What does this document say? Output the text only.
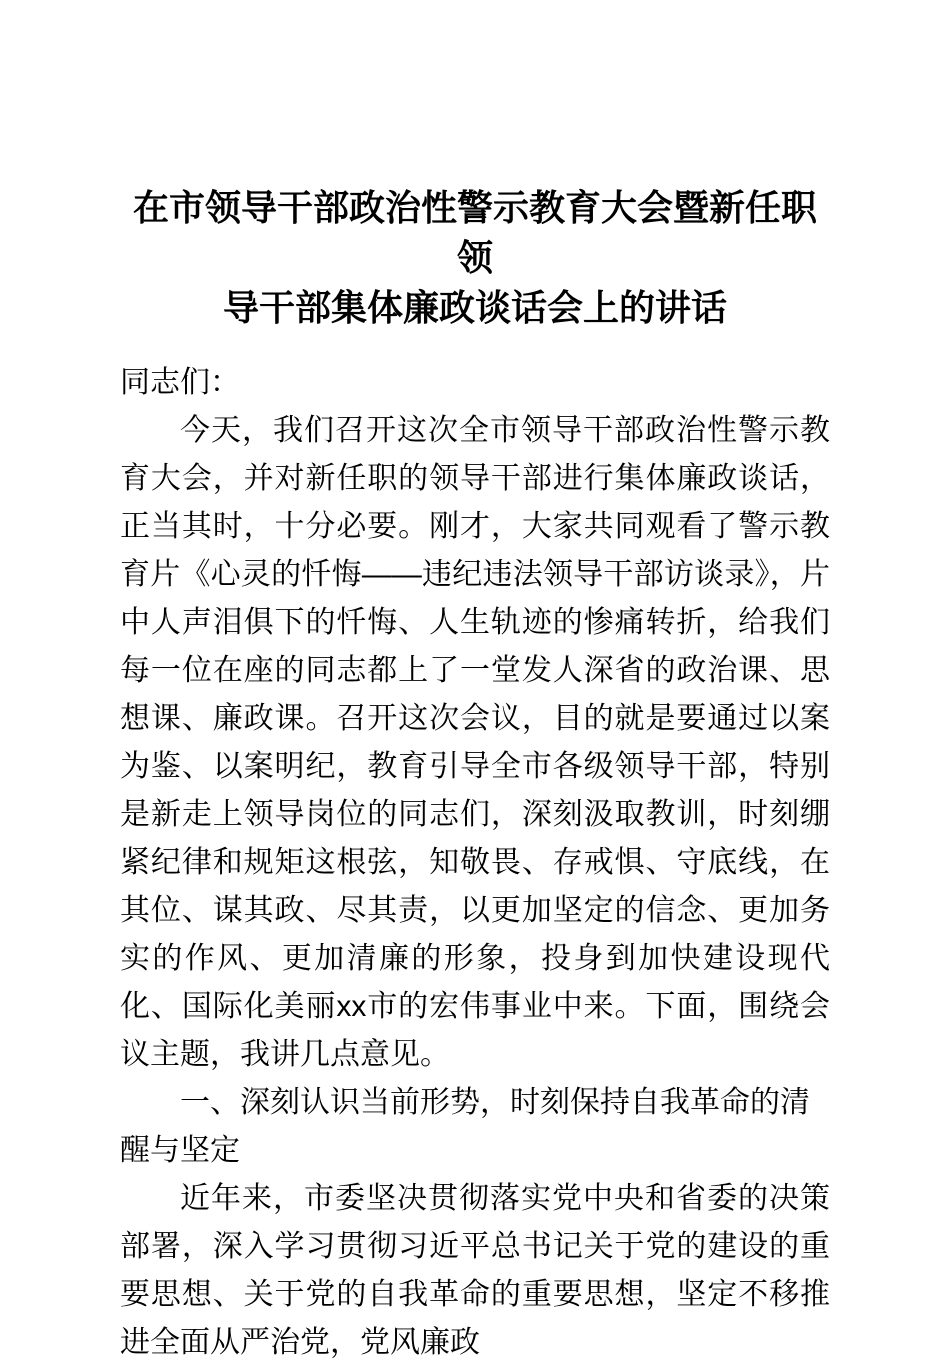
在市领导干部政治性警示教育大会暨新任职领
导干部集体廉政谈话会上的讲话

同志们：

今天，我们召开这次全市领导干部政治性警示教育大会，并对新任职的领导干部进行集体廉政谈话，正当其时，十分必要。刚才，大家共同观看了警示教育片《心灵的忏悔——违纪违法领导干部访谈录》，片中人声泪俱下的忏悔、人生轨迹的惨痛转折，给我们每一位在座的同志都上了一堂发人深省的政治课、思想课、廉政课。召开这次会议，目的就是要通过以案为鉴、以案明纪，教育引导全市各级领导干部，特别是新走上领导岗位的同志们，深刻汲取教训，时刻绷紧纪律和规矩这根弦，知敬畏、存戒惧、守底线，在其位、谋其政、尽其责，以更加坚定的信念、更加务实的作风、更加清廉的形象，投身到加快建设现代化、国际化美丽xx市的宏伟事业中来。下面，围绕会议主题，我讲几点意见。

一、深刻认识当前形势，时刻保持自我革命的清醒与坚定

近年来，市委坚决贯彻落实党中央和省委的决策部署，深入学习贯彻习近平总书记关于党的建设的重要思想、关于党的自我革命的重要思想，坚定不移推进全面从严治党，党风廉政
